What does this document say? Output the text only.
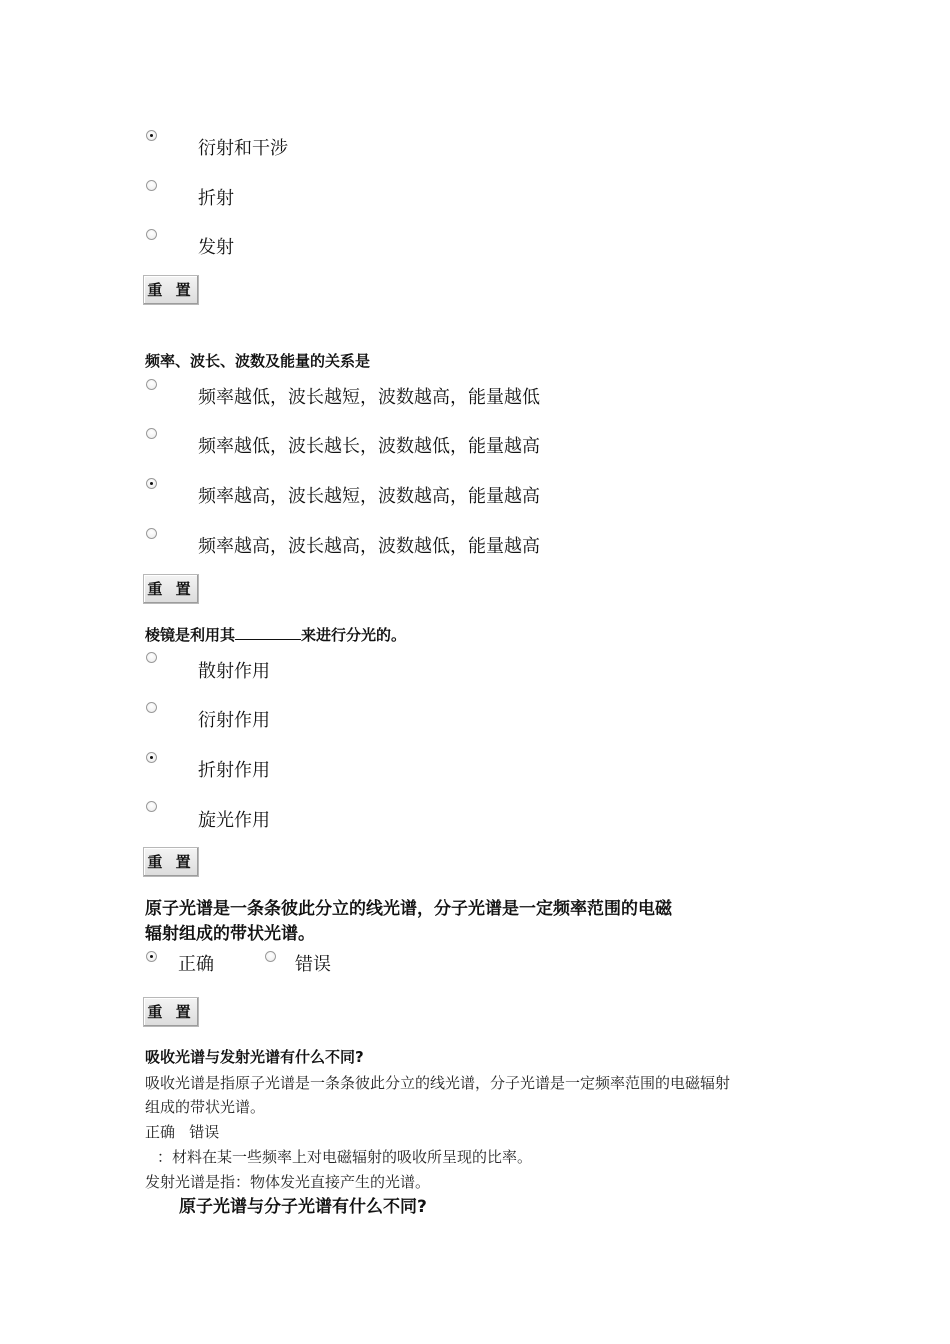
衍射和干涉
折射
发射
重 置
频率、波长、波数及能量的关系是
频率越低，波长越短，波数越高，能量越低
频率越低，波长越长，波数越低，能量越高
频率越高，波长越短，波数越高，能量越高
频率越高，波长越高，波数越低，能量越高
重 置
棱镜是利用其	来进行分光的。
散射作用
衍射作用
折射作用
旋光作用
重 置
原子光谱是一条条彼此分立的线光谱，分子光谱是一定频率范围的电磁
辐射组成的带状光谱。
正确	错误
重 置
吸收光谱与发射光谱有什么不同?
吸收光谱是指原子光谱是一条条彼此分立的线光谱，分子光谱是一定频率范围的电磁辐射
组成的带状光谱。
正确   错误
：材料在某一些频率上对电磁辐射的吸收所呈现的比率。
发射光谱是指：物体发光直接产生的光谱。
原子光谱与分子光谱有什么不同?
